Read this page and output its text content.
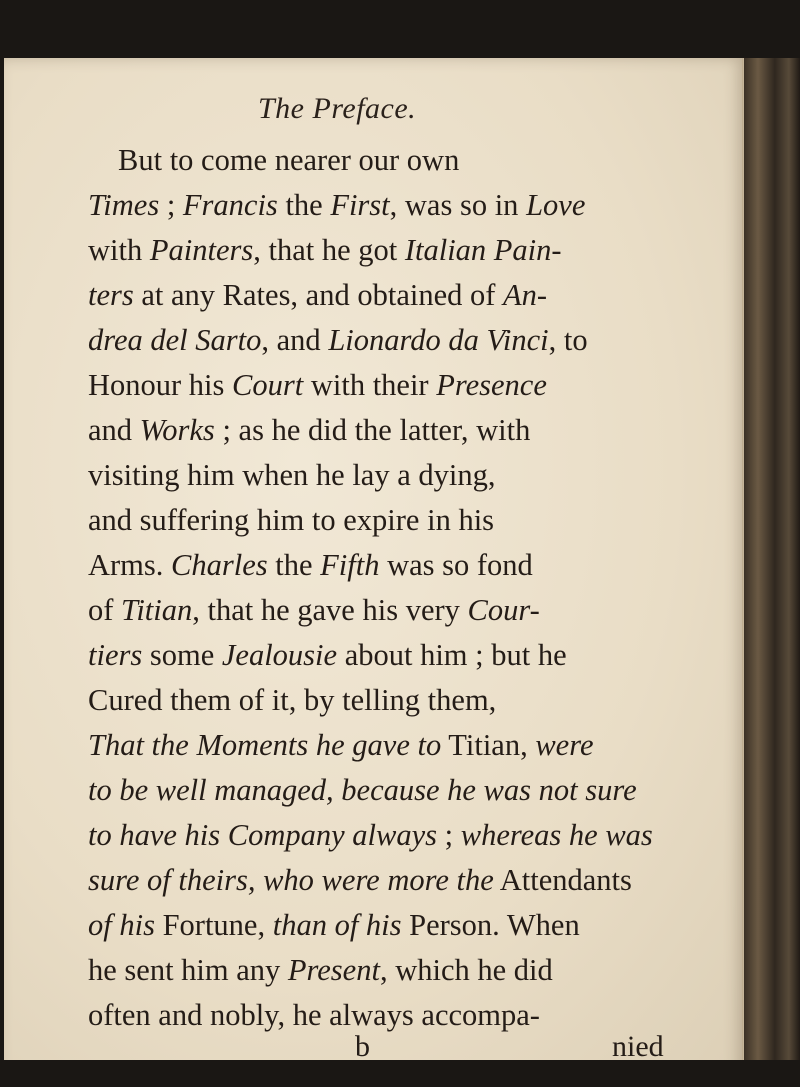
The Preface.
But to come nearer our own
Times ; Francis the First, was so in Love
with Painters, that he got Italian Pain-
ters at any Rates, and obtained of An-
drea del Sarto, and Lionardo da Vinci, to
Honour his Court with their Presence
and Works ; as he did the latter, with
visiting him when he lay a dying,
and suffering him to expire in his
Arms. Charles the Fifth was so fond
of Titian, that he gave his very Cour-
tiers some Jealousie about him ; but he
Cured them of it, by telling them,
That the Moments he gave to Titian, were
to be well managed, because he was not sure
to have his Company always ; whereas he was
sure of theirs, who were more the Attendants
of his Fortune, than of his Person. When
he sent him any Present, which he did
often and nobly, he always accompa-
b	nied
